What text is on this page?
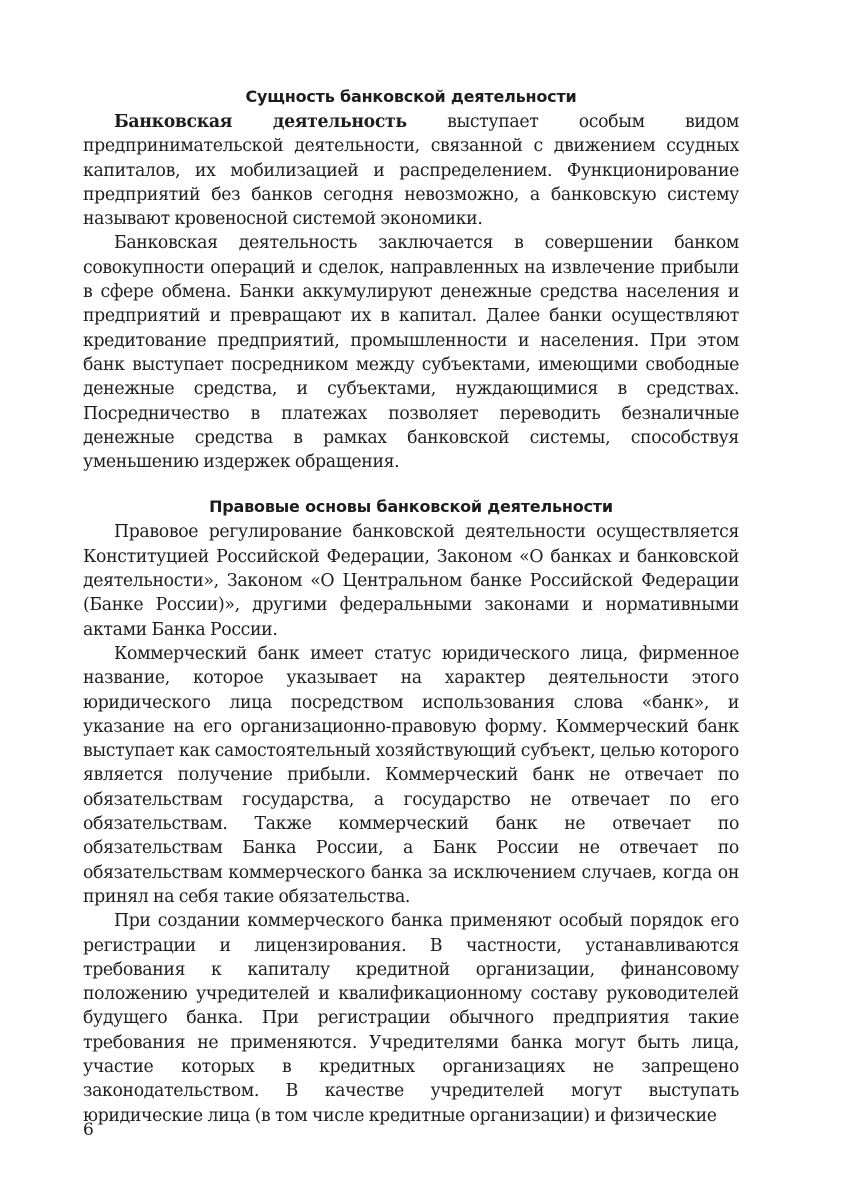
Сущность банковской деятельности

Банковская деятельность выступает особым видом предпринимательской деятельности, связанной с движением ссудных капиталов, их мобилизацией и распределением. Функционирование предприятий без банков сегодня невозможно, а банковскую систему называют кровеносной системой экономики.

Банковская деятельность заключается в совершении банком совокупности операций и сделок, направленных на извлечение прибыли в сфере обмена. Банки аккумулируют денежные средства населения и предприятий и превращают их в капитал. Далее банки осуществляют кредитование предприятий, промышленности и населения. При этом банк выступает посредником между субъектами, имеющими свободные денежные средства, и субъектами, нуждающимися в средствах. Посредничество в платежах позволяет переводить безналичные денежные средства в рамках банковской системы, способствуя уменьшению издержек обращения.

Правовые основы банковской деятельности

Правовое регулирование банковской деятельности осуществляется Конституцией Российской Федерации, Законом «О банках и банковской деятельности», Законом «О Центральном банке Российской Федерации (Банке России)», другими федеральными законами и нормативными актами Банка России.

Коммерческий банк имеет статус юридического лица, фирменное название, которое указывает на характер деятельности этого юридического лица посредством использования слова «банк», и указание на его организационно-правовую форму. Коммерческий банк выступает как самостоятельный хозяйствующий субъект, целью которого является получение прибыли. Коммерческий банк не отвечает по обязательствам государства, а государство не отвечает по его обязательствам. Также коммерческий банк не отвечает по обязательствам Банка России, а Банк России не отвечает по обязательствам коммерческого банка за исключением случаев, когда он принял на себя такие обязательства.

При создании коммерческого банка применяют особый порядок его регистрации и лицензирования. В частности, устанавливаются требования к капиталу кредитной организации, финансовому положению учредителей и квалификационному составу руководителей будущего банка. При регистрации обычного предприятия такие требования не применяются. Учредителями банка могут быть лица, участие которых в кредитных организациях не запрещено законодательством. В качестве учредителей могут выступать юридические лица (в том числе кредитные организации) и физические

6
